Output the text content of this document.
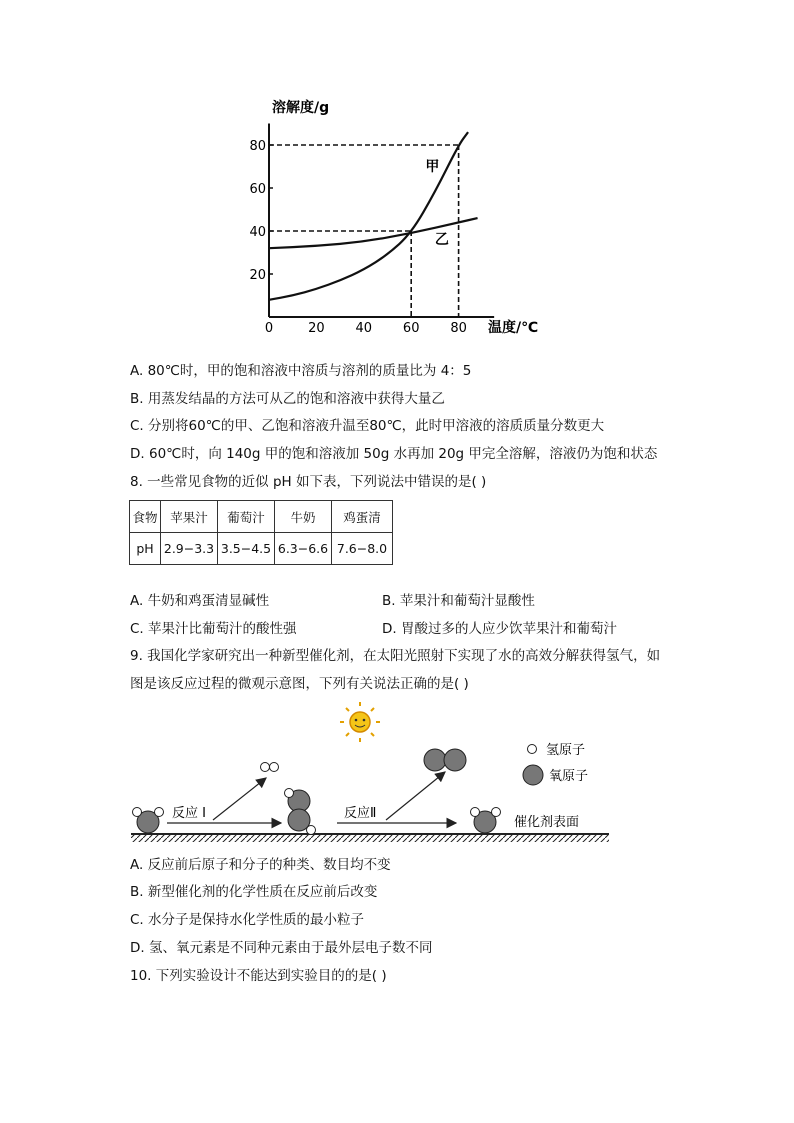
溶解度/g
温度/℃
0	20 40 60 80
20
40
60
80
甲
乙
A. 80℃时，甲的饱和溶液中溶质与溶剂的质量比为 4：5
B. 用蒸发结晶的方法可从乙的饱和溶液中获得大量乙
C. 分别将60℃的甲、乙饱和溶液升温至80℃，此时甲溶液的溶质质量分数更大
D. 60℃时，向 140g 甲的饱和溶液加 50g 水再加 20g 甲完全溶解，溶液仍为饱和状态
8. 一些常见食物的近似 pH 如下表，下列说法中错误的是( )
食物	苹果汁	葡萄汁	牛奶	鸡蛋清
pH	2.9−3.3	3.5−4.5	6.3−6.6	7.6−8.0
A. 牛奶和鸡蛋清显碱性	B. 苹果汁和葡萄汁显酸性
C. 苹果汁比葡萄汁的酸性强	D. 胃酸过多的人应少饮苹果汁和葡萄汁
9. 我国化学家研究出一种新型催化剂，在太阳光照射下实现了水的高效分解获得氢气，如
图是该反应过程的微观示意图，下列有关说法正确的是( )
反应 I	反应Ⅱ
催化剂表面
氢原子
氧原子
A. 反应前后原子和分子的种类、数目均不变
B. 新型催化剂的化学性质在反应前后改变
C. 水分子是保持水化学性质的最小粒子
D. 氢、氧元素是不同种元素由于最外层电子数不同
10. 下列实验设计不能达到实验目的的是( )
